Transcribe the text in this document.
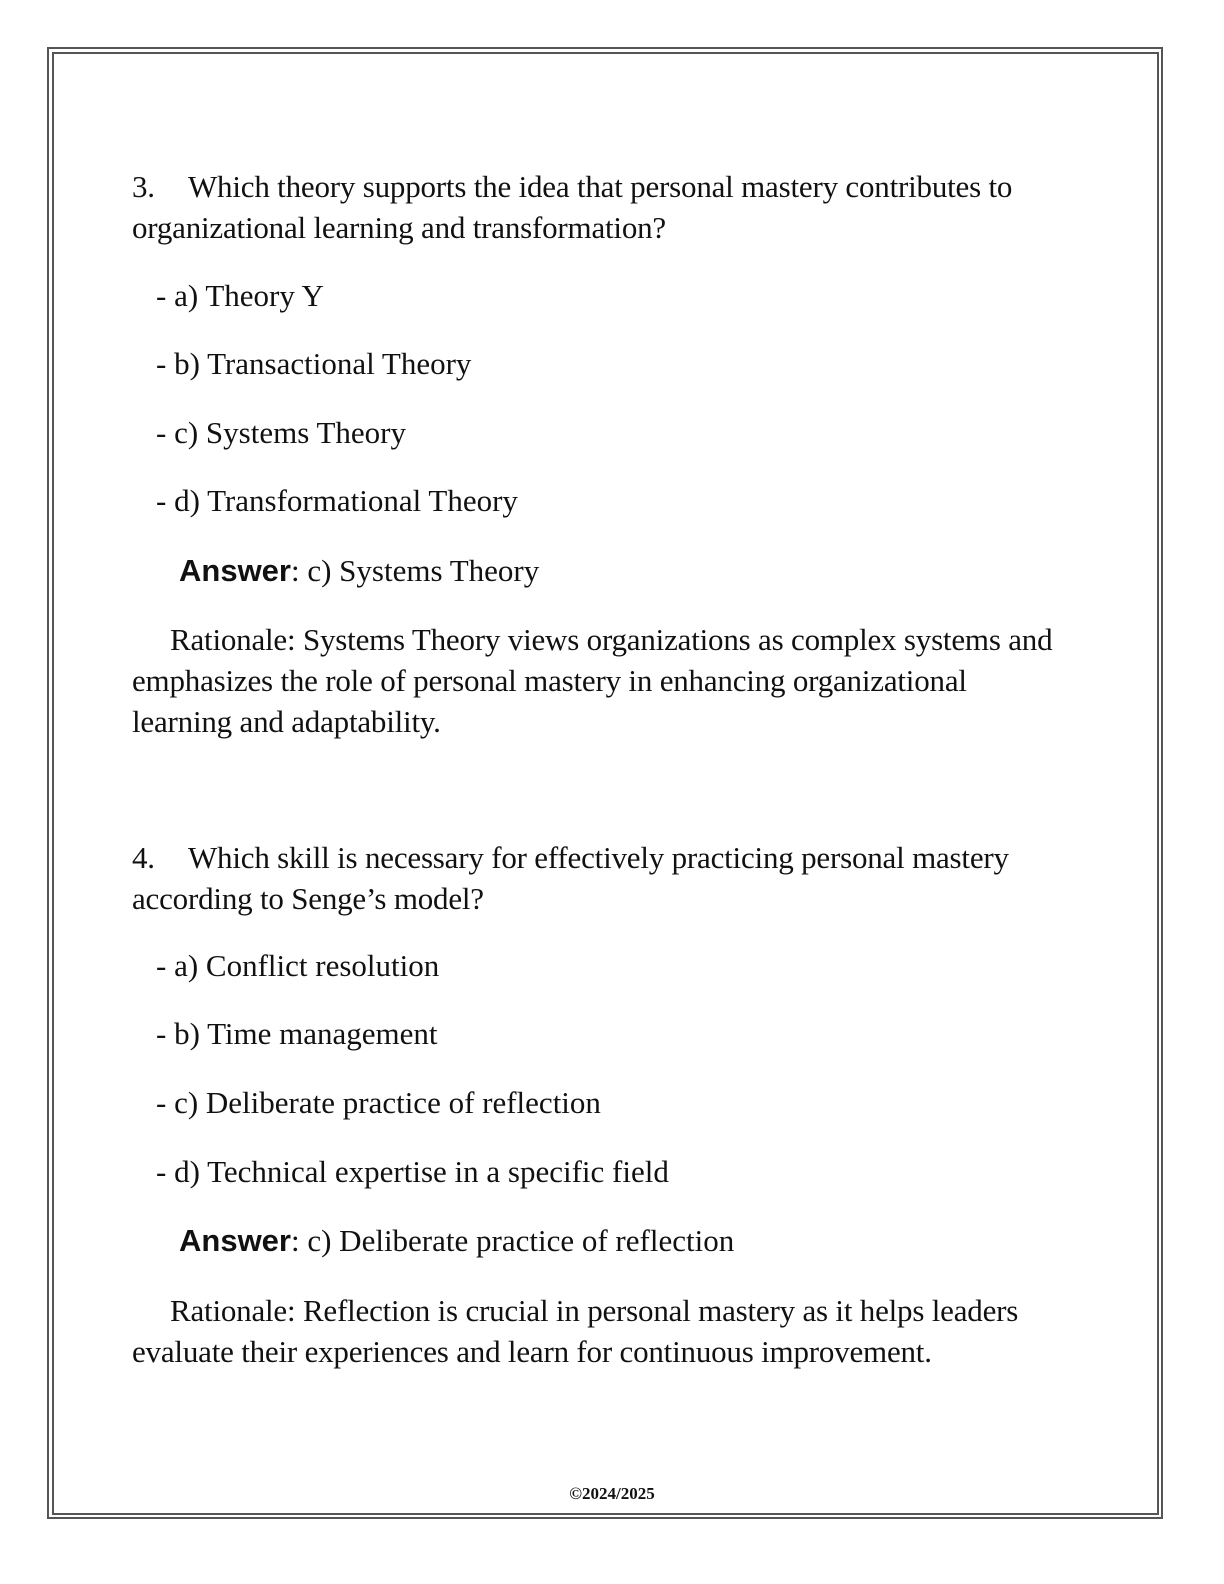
3. Which theory supports the idea that personal mastery contributes to organizational learning and transformation?
- a) Theory Y
- b) Transactional Theory
- c) Systems Theory
- d) Transformational Theory
Answer: c) Systems Theory
Rationale: Systems Theory views organizations as complex systems and emphasizes the role of personal mastery in enhancing organizational learning and adaptability.
4. Which skill is necessary for effectively practicing personal mastery according to Senge’s model?
- a) Conflict resolution
- b) Time management
- c) Deliberate practice of reflection
- d) Technical expertise in a specific field
Answer: c) Deliberate practice of reflection
Rationale: Reflection is crucial in personal mastery as it helps leaders evaluate their experiences and learn for continuous improvement.
©2024/2025
